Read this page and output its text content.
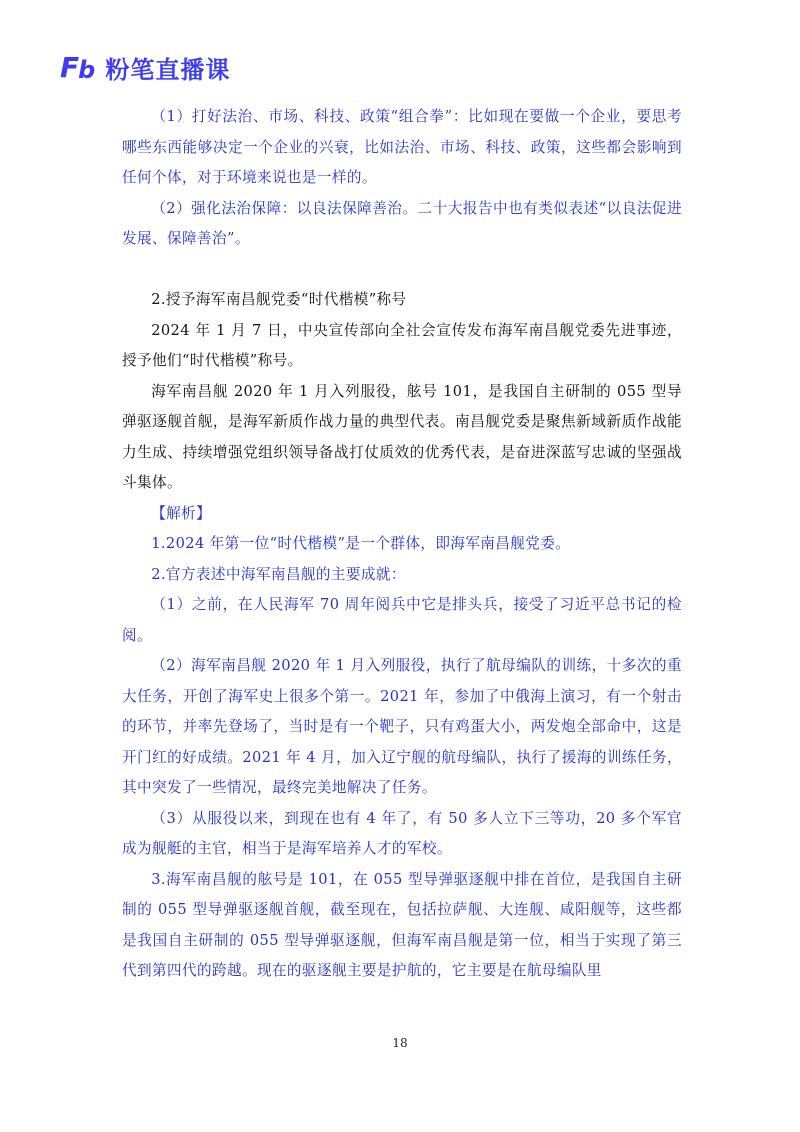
F b 粉笔直播课

（1）打好法治、市场、科技、政策“组合拳”：比如现在要做一个企业，要思考哪些东西能够决定一个企业的兴衰，比如法治、市场、科技、政策，这些都会影响到任何个体，对于环境来说也是一样的。

（2）强化法治保障：以良法保障善治。二十大报告中也有类似表述“以良法促进发展、保障善治”。

2.授予海军南昌舰党委“时代楷模”称号

2024 年 1 月 7 日，中央宣传部向全社会宣传发布海军南昌舰党委先进事迹，授予他们“时代楷模”称号。

海军南昌舰 2020 年 1 月入列服役，舷号 101，是我国自主研制的 055 型导弹驱逐舰首舰，是海军新质作战力量的典型代表。南昌舰党委是聚焦新域新质作战能力生成、持续增强党组织领导备战打仗质效的优秀代表，是奋进深蓝写忠诚的坚强战斗集体。

【解析】

1.2024 年第一位“时代楷模”是一个群体，即海军南昌舰党委。

2.官方表述中海军南昌舰的主要成就：

（1）之前，在人民海军 70 周年阅兵中它是排头兵，接受了习近平总书记的检阅。

（2）海军南昌舰 2020 年 1 月入列服役，执行了航母编队的训练，十多次的重大任务，开创了海军史上很多个第一。2021 年，参加了中俄海上演习，有一个射击的环节，并率先登场了，当时是有一个靶子，只有鸡蛋大小，两发炮全部命中，这是开门红的好成绩。2021 年 4 月，加入辽宁舰的航母编队，执行了援海的训练任务，其中突发了一些情况，最终完美地解决了任务。

（3）从服役以来，到现在也有 4 年了，有 50 多人立下三等功，20 多个军官成为舰艇的主官，相当于是海军培养人才的军校。

3.海军南昌舰的舷号是 101，在 055 型导弹驱逐舰中排在首位，是我国自主研制的 055 型导弹驱逐舰首舰，截至现在，包括拉萨舰、大连舰、咸阳舰等，这些都是我国自主研制的 055 型导弹驱逐舰，但海军南昌舰是第一位，相当于实现了第三代到第四代的跨越。现在的驱逐舰主要是护航的，它主要是在航母编队里

18
